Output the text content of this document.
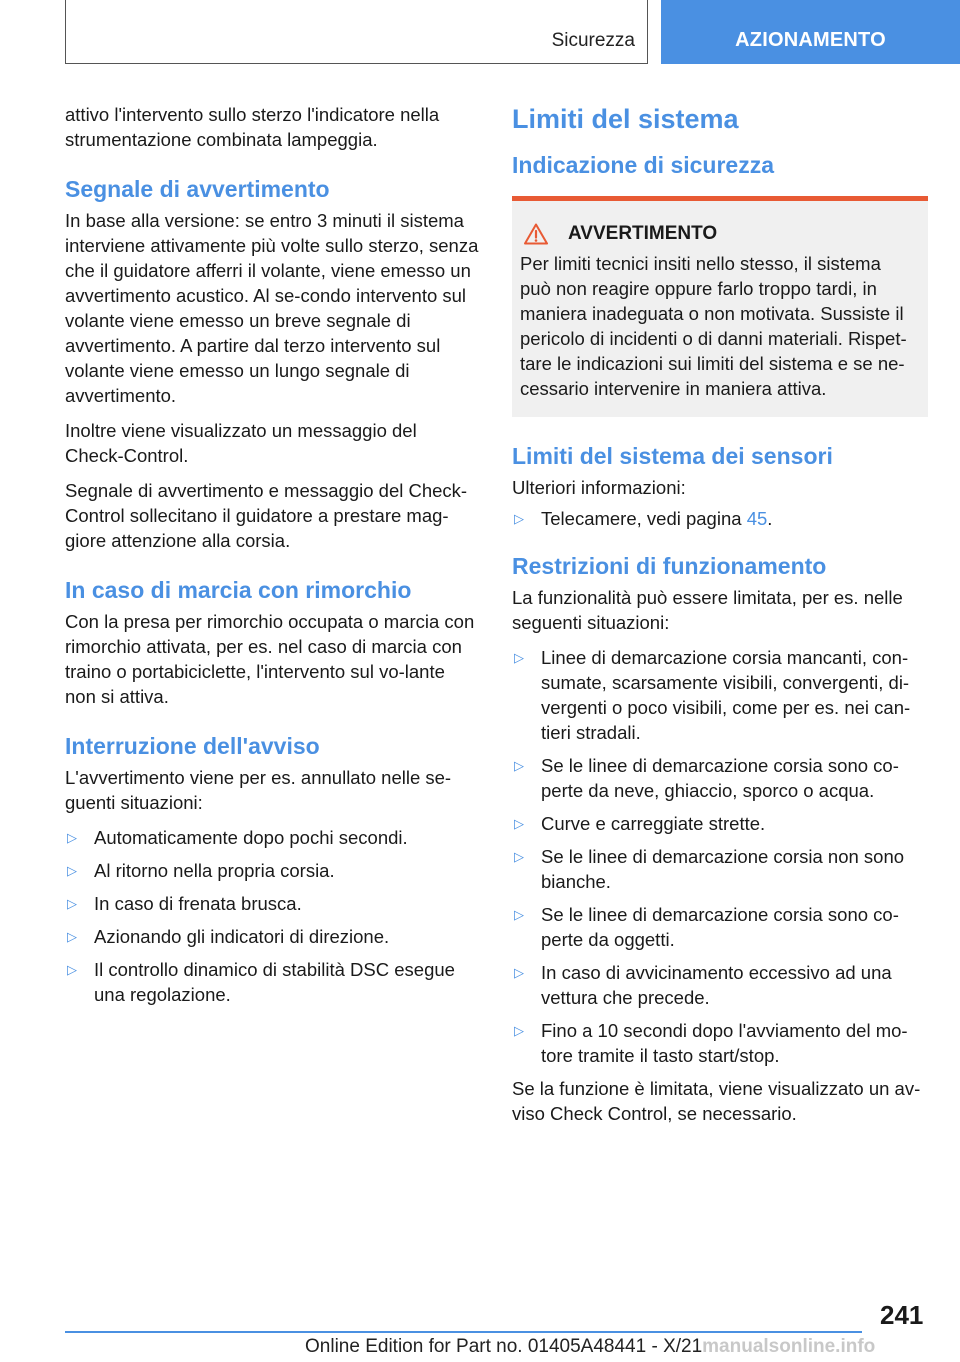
Sicurezza	AZIONAMENTO

attivo l'intervento sullo sterzo l'indicatore nella strumentazione combinata lampeggia.

Segnale di avvertimento

In base alla versione: se entro 3 minuti il sistema interviene attivamente più volte sullo sterzo, senza che il guidatore afferri il volante, viene emesso un avvertimento acustico. Al se-condo intervento sul volante viene emesso un breve segnale di avvertimento. A partire dal terzo intervento sul volante viene emesso un lungo segnale di avvertimento.

Inoltre viene visualizzato un messaggio del Check-Control.

Segnale di avvertimento e messaggio del Check-Control sollecitano il guidatore a prestare mag-giore attenzione alla corsia.

In caso di marcia con rimorchio

Con la presa per rimorchio occupata o marcia con rimorchio attivata, per es. nel caso di marcia con traino o portabiciclette, l'intervento sul vo-lante non si attiva.

Interruzione dell'avviso

L'avvertimento viene per es. annullato nelle se-guenti situazioni:

▷ Automaticamente dopo pochi secondi.
▷ Al ritorno nella propria corsia.
▷ In caso di frenata brusca.
▷ Azionando gli indicatori di direzione.
▷ Il controllo dinamico di stabilità DSC esegue una regolazione.
Limiti del sistema
Indicazione di sicurezza
AVVERTIMENTO

Per limiti tecnici insiti nello stesso, il sistema può non reagire oppure farlo troppo tardi, in maniera inadeguata o non motivata. Sussiste il pericolo di incidenti o di danni materiali. Rispet-tare le indicazioni sui limiti del sistema e se ne-cessario intervenire in maniera attiva.

Limiti del sistema dei sensori

Ulteriori informazioni:

▷ Telecamere, vedi pagina 45.
Restrizioni di funzionamento

La funzionalità può essere limitata, per es. nelle seguenti situazioni:

▷ Linee di demarcazione corsia mancanti, con-sumate, scarsamente visibili, convergenti, di-vergenti o poco visibili, come per es. nei can-tieri stradali.
▷ Se le linee di demarcazione corsia sono co-perte da neve, ghiaccio, sporco o acqua.
▷ Curve e carreggiate strette.
▷ Se le linee di demarcazione corsia non sono bianche.
▷ Se le linee di demarcazione corsia sono co-perte da oggetti.
▷ In caso di avvicinamento eccessivo ad una vettura che precede.
▷ Fino a 10 secondi dopo l'avviamento del mo-tore tramite il tasto start/stop.

Se la funzione è limitata, viene visualizzato un av-viso Check Control, se necessario.

241
Online Edition for Part no. 01405A48441 - X/21manualsonline.info
